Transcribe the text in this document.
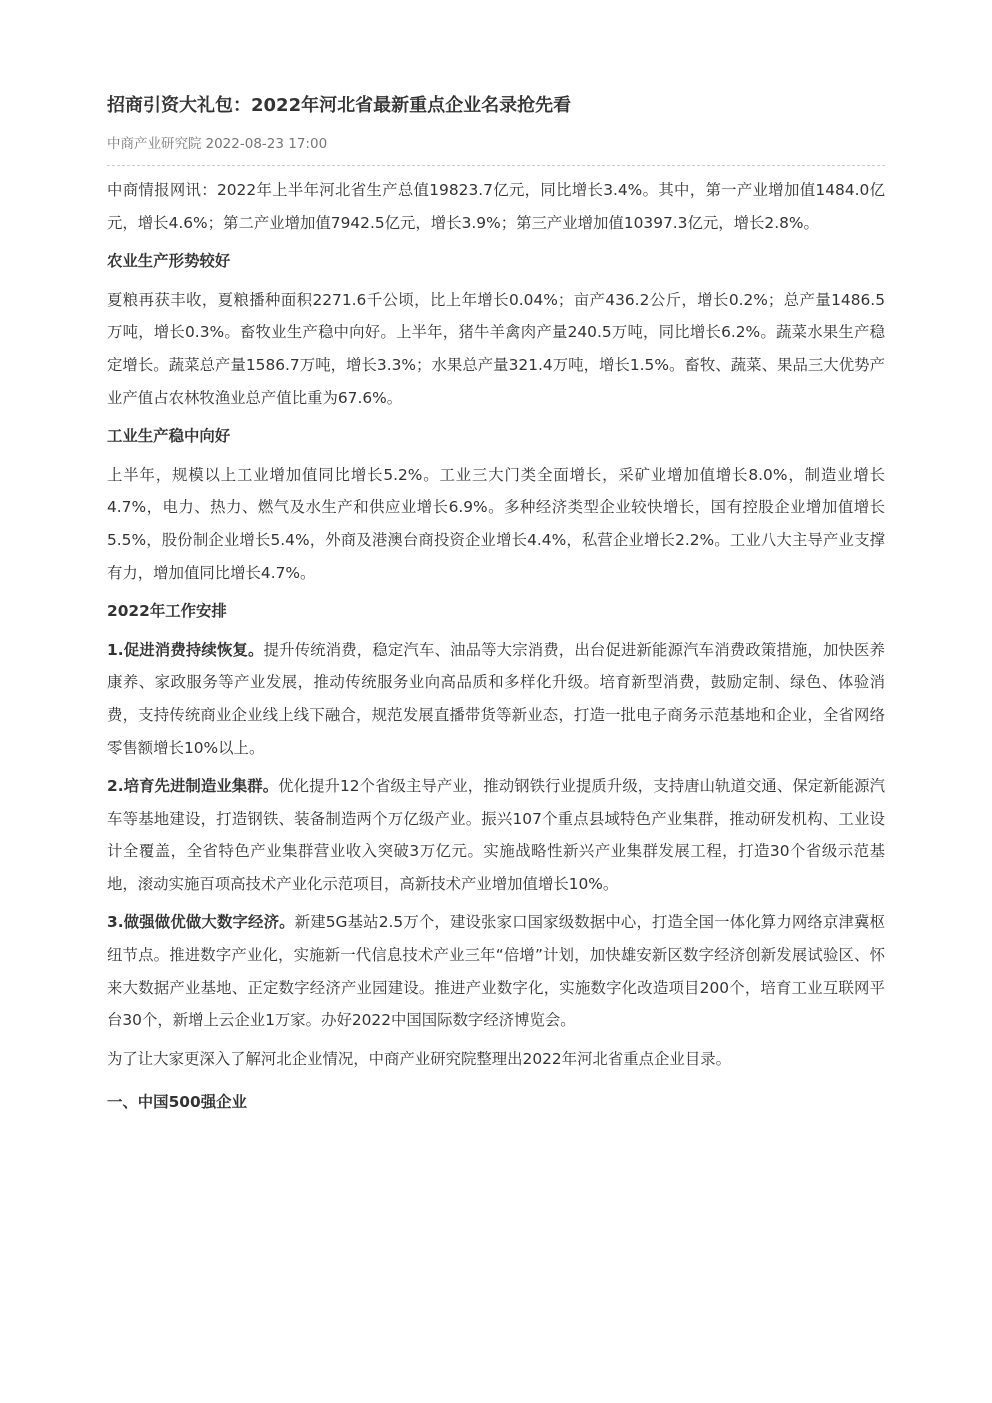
招商引资大礼包：2022年河北省最新重点企业名录抢先看
中商产业研究院 2022-08-23 17:00

中商情报网讯：2022年上半年河北省生产总值19823.7亿元，同比增长3.4%。其中，第一产业增加值1484.0亿元，增长4.6%；第二产业增加值7942.5亿元，增长3.9%；第三产业增加值10397.3亿元，增长2.8%。

农业生产形势较好

夏粮再获丰收，夏粮播种面积2271.6千公顷，比上年增长0.04%；亩产436.2公斤，增长0.2%；总产量1486.5万吨，增长0.3%。畜牧业生产稳中向好。上半年，猪牛羊禽肉产量240.5万吨，同比增长6.2%。蔬菜水果生产稳定增长。蔬菜总产量1586.7万吨，增长3.3%；水果总产量321.4万吨，增长1.5%。畜牧、蔬菜、果品三大优势产业产值占农林牧渔业总产值比重为67.6%。

工业生产稳中向好

上半年，规模以上工业增加值同比增长5.2%。工业三大门类全面增长，采矿业增加值增长8.0%，制造业增长4.7%，电力、热力、燃气及水生产和供应业增长6.9%。多种经济类型企业较快增长，国有控股企业增加值增长5.5%，股份制企业增长5.4%，外商及港澳台商投资企业增长4.4%，私营企业增长2.2%。工业八大主导产业支撑有力，增加值同比增长4.7%。

2022年工作安排

1.促进消费持续恢复。提升传统消费，稳定汽车、油品等大宗消费，出台促进新能源汽车消费政策措施，加快医养康养、家政服务等产业发展，推动传统服务业向高品质和多样化升级。培育新型消费，鼓励定制、绿色、体验消费，支持传统商业企业线上线下融合，规范发展直播带货等新业态，打造一批电子商务示范基地和企业，全省网络零售额增长10%以上。

2.培育先进制造业集群。优化提升12个省级主导产业，推动钢铁行业提质升级，支持唐山轨道交通、保定新能源汽车等基地建设，打造钢铁、装备制造两个万亿级产业。振兴107个重点县域特色产业集群，推动研发机构、工业设计全覆盖，全省特色产业集群营业收入突破3万亿元。实施战略性新兴产业集群发展工程，打造30个省级示范基地，滚动实施百项高技术产业化示范项目，高新技术产业增加值增长10%。

3.做强做优做大数字经济。新建5G基站2.5万个，建设张家口国家级数据中心，打造全国一体化算力网络京津冀枢纽节点。推进数字产业化，实施新一代信息技术产业三年“倍增”计划，加快雄安新区数字经济创新发展试验区、怀来大数据产业基地、正定数字经济产业园建设。推进产业数字化，实施数字化改造项目200个，培育工业互联网平台30个，新增上云企业1万家。办好2022中国国际数字经济博览会。

为了让大家更深入了解河北企业情况，中商产业研究院整理出2022年河北省重点企业目录。

一、中国500强企业
